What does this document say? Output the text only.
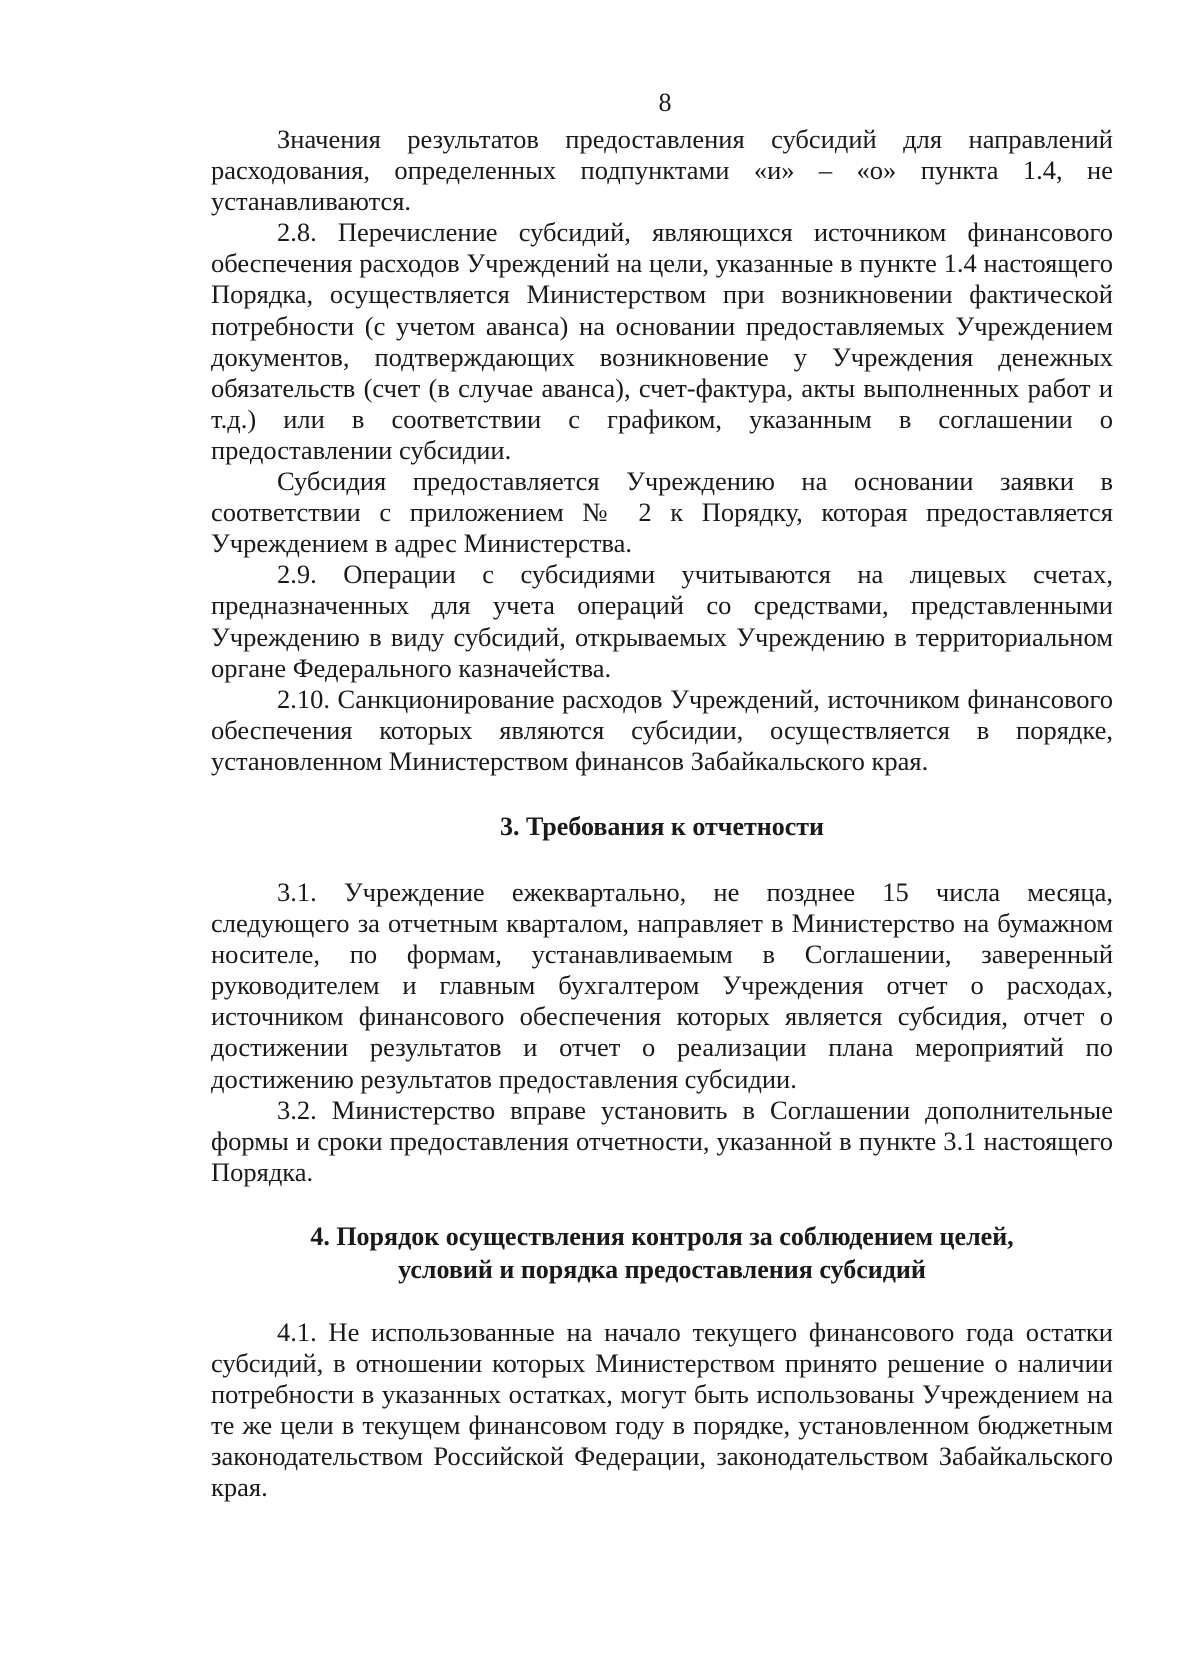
8

Значения результатов предоставления субсидий для направлений расходования, определенных подпунктами «и» – «о» пункта 1.4, не устанавливаются.

2.8. Перечисление субсидий, являющихся источником финансового обеспечения расходов Учреждений на цели, указанные в пункте 1.4 настоящего Порядка, осуществляется Министерством при возникновении фактической потребности (с учетом аванса) на основании предоставляемых Учреждением документов, подтверждающих возникновение у Учреждения денежных обязательств (счет (в случае аванса), счет-фактура, акты выполненных работ и т.д.) или в соответствии с графиком, указанным в соглашении о предоставлении субсидии.

Субсидия предоставляется Учреждению на основании заявки в соответствии с приложением № 2 к Порядку, которая предоставляется Учреждением в адрес Министерства.

2.9. Операции с субсидиями учитываются на лицевых счетах, предназначенных для учета операций со средствами, представленными Учреждению в виду субсидий, открываемых Учреждению в территориальном органе Федерального казначейства.

2.10. Санкционирование расходов Учреждений, источником финансового обеспечения которых являются субсидии, осуществляется в порядке, установленном Министерством финансов Забайкальского края.

3. Требования к отчетности

3.1. Учреждение ежеквартально, не позднее 15 числа месяца, следующего за отчетным кварталом, направляет в Министерство на бумажном носителе, по формам, устанавливаемым в Соглашении, заверенный руководителем и главным бухгалтером Учреждения отчет о расходах, источником финансового обеспечения которых является субсидия, отчет о достижении результатов и отчет о реализации плана мероприятий по достижению результатов предоставления субсидии.

3.2. Министерство вправе установить в Соглашении дополнительные формы и сроки предоставления отчетности, указанной в пункте 3.1 настоящего Порядка.

4. Порядок осуществления контроля за соблюдением целей,
условий и порядка предоставления субсидий

4.1. Не использованные на начало текущего финансового года остатки субсидий, в отношении которых Министерством принято решение о наличии потребности в указанных остатках, могут быть использованы Учреждением на те же цели в текущем финансовом году в порядке, установленном бюджетным законодательством Российской Федерации, законодательством Забайкальского края.
